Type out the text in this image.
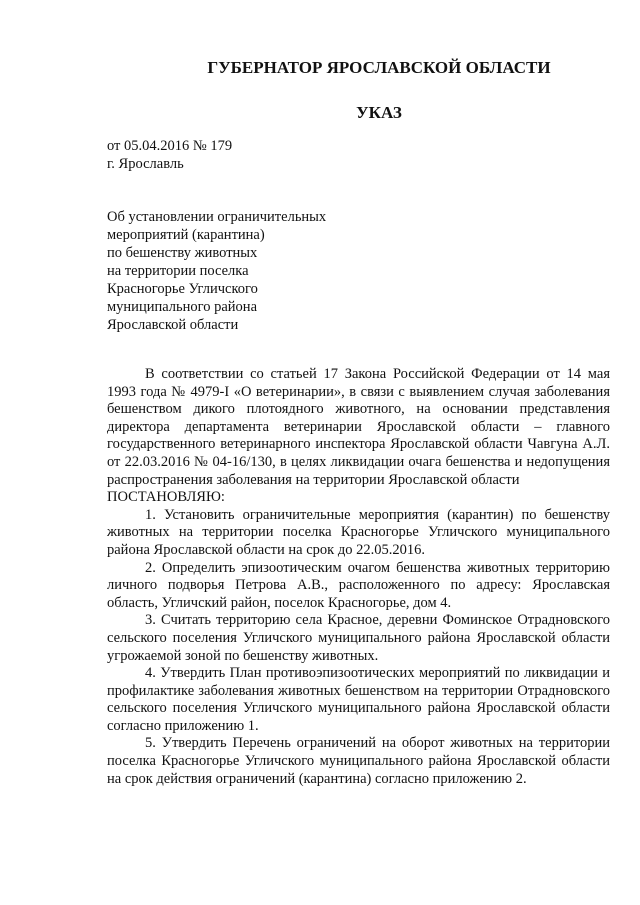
ГУБЕРНАТОР ЯРОСЛАВСКОЙ ОБЛАСТИ
УКАЗ
от 05.04.2016 № 179
г. Ярославль
Об установлении ограничительных
мероприятий (карантина)
по бешенству животных
на территории поселка
Красногорье Угличского
муниципального района
Ярославской области

В соответствии со статьей 17 Закона Российской Федерации от 14 мая 1993 года № 4979-I «О ветеринарии», в связи с выявлением случая заболевания бешенством дикого плотоядного животного, на основании представления директора департамента ветеринарии Ярославской области – главного государственного ветеринарного инспектора Ярославской области Чавгуна А.Л. от 22.03.2016 № 04-16/130, в целях ликвидации очага бешенства и недопущения распространения заболевания на территории Ярославской области

ПОСТАНОВЛЯЮ:

1. Установить ограничительные мероприятия (карантин) по бешенству животных на территории поселка Красногорье Угличского муниципального района Ярославской области на срок до 22.05.2016.

2. Определить эпизоотическим очагом бешенства животных территорию личного подворья Петрова А.В., расположенного по адресу: Ярославская область, Угличский район, поселок Красногорье, дом 4.

3. Считать территорию села Красное, деревни Фоминское Отрадновского сельского поселения Угличского муниципального района Ярославской области угрожаемой зоной по бешенству животных.

4. Утвердить План противоэпизоотических мероприятий по ликвидации и профилактике заболевания животных бешенством на территории Отрадновского сельского поселения Угличского муниципального района Ярославской области согласно приложению 1.

5. Утвердить Перечень ограничений на оборот животных на территории поселка Красногорье Угличского муниципального района Ярославской области на срок действия ограничений (карантина) согласно приложению 2.
